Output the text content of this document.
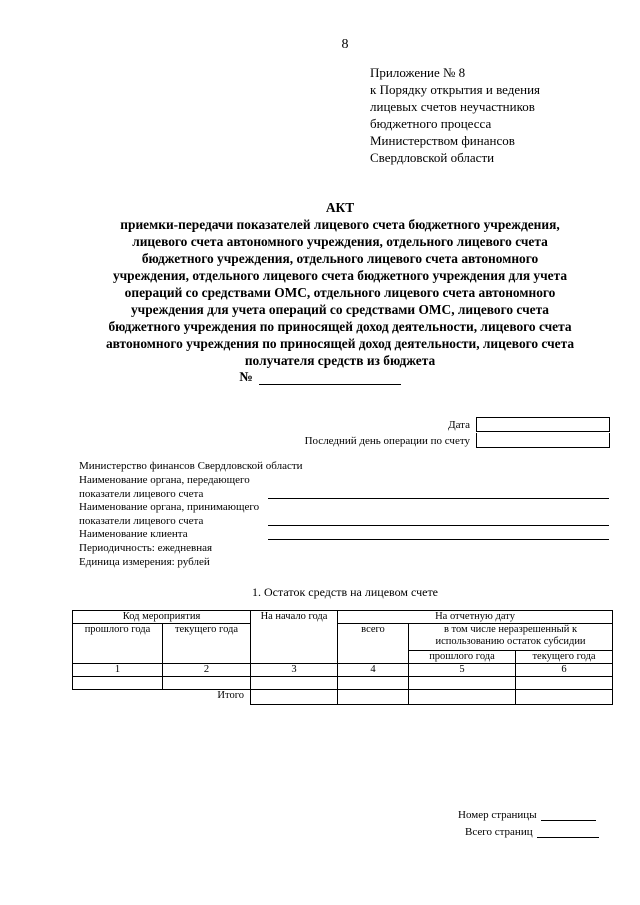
8
Приложение № 8
к Порядку открытия и ведения
лицевых счетов неучастников
бюджетного процесса
Министерством финансов
Свердловской области
АКТ
приемки-передачи показателей лицевого счета бюджетного учреждения,
лицевого счета автономного учреждения, отдельного лицевого счета
бюджетного учреждения, отдельного лицевого счета автономного
учреждения, отдельного лицевого счета бюджетного учреждения для учета
операций со средствами ОМС, отдельного лицевого счета автономного
учреждения для учета операций со средствами ОМС, лицевого счета
бюджетного учреждения по приносящей доход деятельности, лицевого счета
автономного учреждения по приносящей доход деятельности, лицевого счета
получателя средств из бюджета
№
Дата
Последний день операции по счету
Министерство финансов Свердловской области
Наименование органа, передающего
показатели лицевого счета
Наименование органа, принимающего
показатели лицевого счета
Наименование клиента
Периодичность: ежедневная
Единица измерения: рублей
1. Остаток средств на лицевом счете
Код мероприятия		На начало года	На отчетную дату		
прошлого года	текущего года		всего	в том числе неразрешенный к использованию остаток субсидии	

				прошлого года	текущего года
1	2	3	4	5	6

Итого					
Номер страницы
Всего страниц
